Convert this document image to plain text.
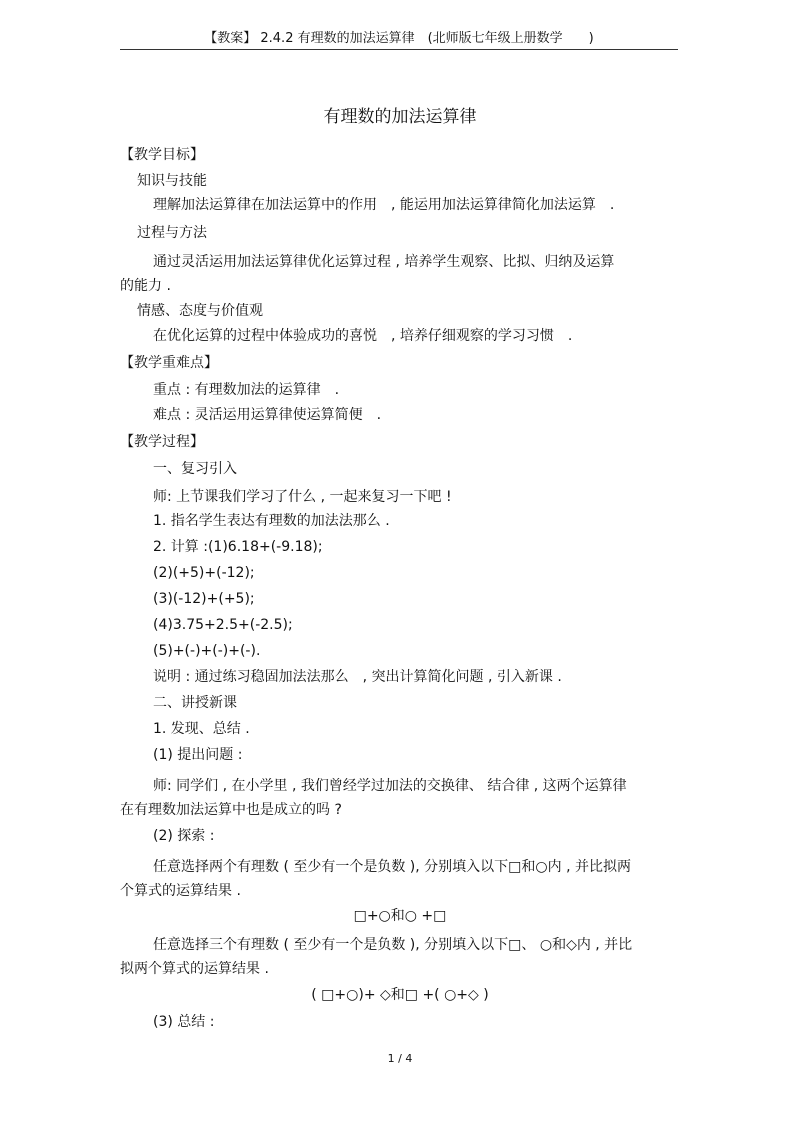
【教案】 2.4.2 有理数的加法运算律　(北师版七年级上册数学　　)
有理数的加法运算律
【教学目标】
知识与技能
理解加法运算律在加法运算中的作用　, 能运用加法运算律简化加法运算　.
过程与方法
通过灵活运用加法运算律优化运算过程 , 培养学生观察、比拟、归纳及运算
的能力 .
情感、态度与价值观
在优化运算的过程中体验成功的喜悦　, 培养仔细观察的学习习惯　.
【教学重难点】
重点 : 有理数加法的运算律　.
难点 : 灵活运用运算律使运算简便　.
【教学过程】
一、复习引入
师: 上节课我们学习了什么 , 一起来复习一下吧 !
1. 指名学生表达有理数的加法法那么 .
2. 计算 :(1)6.18+(-9.18);
(2)(+5)+(-12);
(3)(-12)+(+5);
(4)3.75+2.5+(-2.5);
(5)+(-)+(-)+(-).
说明 : 通过练习稳固加法法那么　, 突出计算简化问题 , 引入新课 .
二、讲授新课
1. 发现、总结 .
(1) 提出问题 :
师: 同学们 , 在小学里 , 我们曾经学过加法的交换律、 结合律 , 这两个运算律
在有理数加法运算中也是成立的吗 ?
(2) 探索 :
任意选择两个有理数 ( 至少有一个是负数 ), 分别填入以下□和○内 , 并比拟两
个算式的运算结果 .
□+○和○ +□
任意选择三个有理数 ( 至少有一个是负数 ), 分别填入以下□、 ○和◇内 , 并比
拟两个算式的运算结果 .
( □+○)+ ◇和□ +( ○+◇ )
(3) 总结 :
1 / 4
